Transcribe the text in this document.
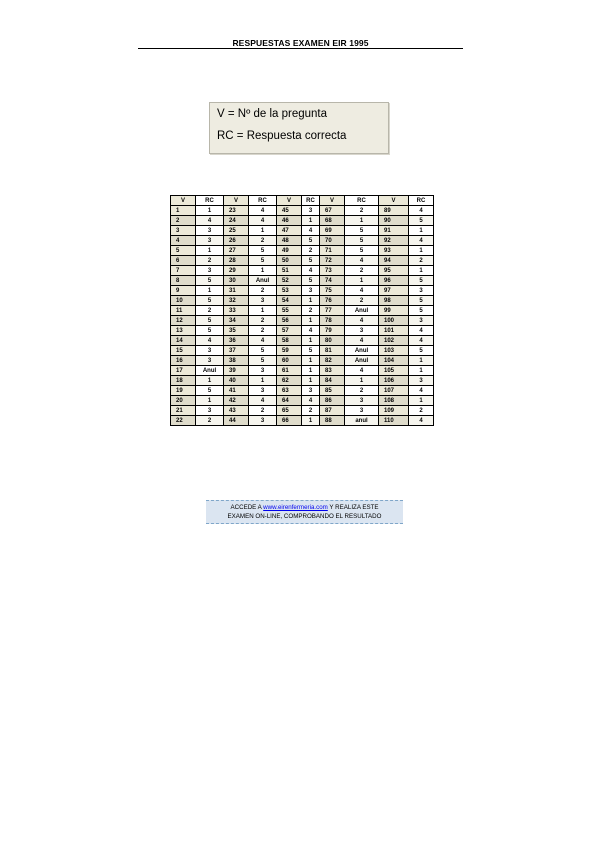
RESPUESTAS EXAMEN EIR 1995
V = Nº de la pregunta
RC = Respuesta correcta
V	RC	V	RC	V	RC	V	RC	V	RC
1	1	23	4	45	3	67	2	89	4
2	4	24	4	46	1	68	1	90	5
3	3	25	1	47	4	69	5	91	1
4	3	26	2	48	5	70	5	92	4
5	1	27	5	49	2	71	5	93	1
6	2	28	5	50	5	72	4	94	2
7	3	29	1	51	4	73	2	95	1
8	5	30	Anul	52	5	74	1	96	5
9	1	31	2	53	3	75	4	97	3
10	5	32	3	54	1	76	2	98	5
11	2	33	1	55	2	77	Anul	99	5
12	5	34	2	56	1	78	4	100	3
13	5	35	2	57	4	79	3	101	4
14	4	36	4	58	1	80	4	102	4
15	3	37	5	59	5	81	Anul	103	5
16	3	38	5	60	1	82	Anul	104	1
17	Anul	39	3	61	1	83	4	105	1
18	1	40	1	62	1	84	1	106	3
19	5	41	3	63	3	85	2	107	4
20	1	42	4	64	4	86	3	108	1
21	3	43	2	65	2	87	3	109	2
22	2	44	3	66	1	88	anul	110	4
ACCEDE A www.eirenfermeria.com Y REALIZA ESTE
EXAMEN ON-LINE, COMPROBANDO EL RESULTADO
